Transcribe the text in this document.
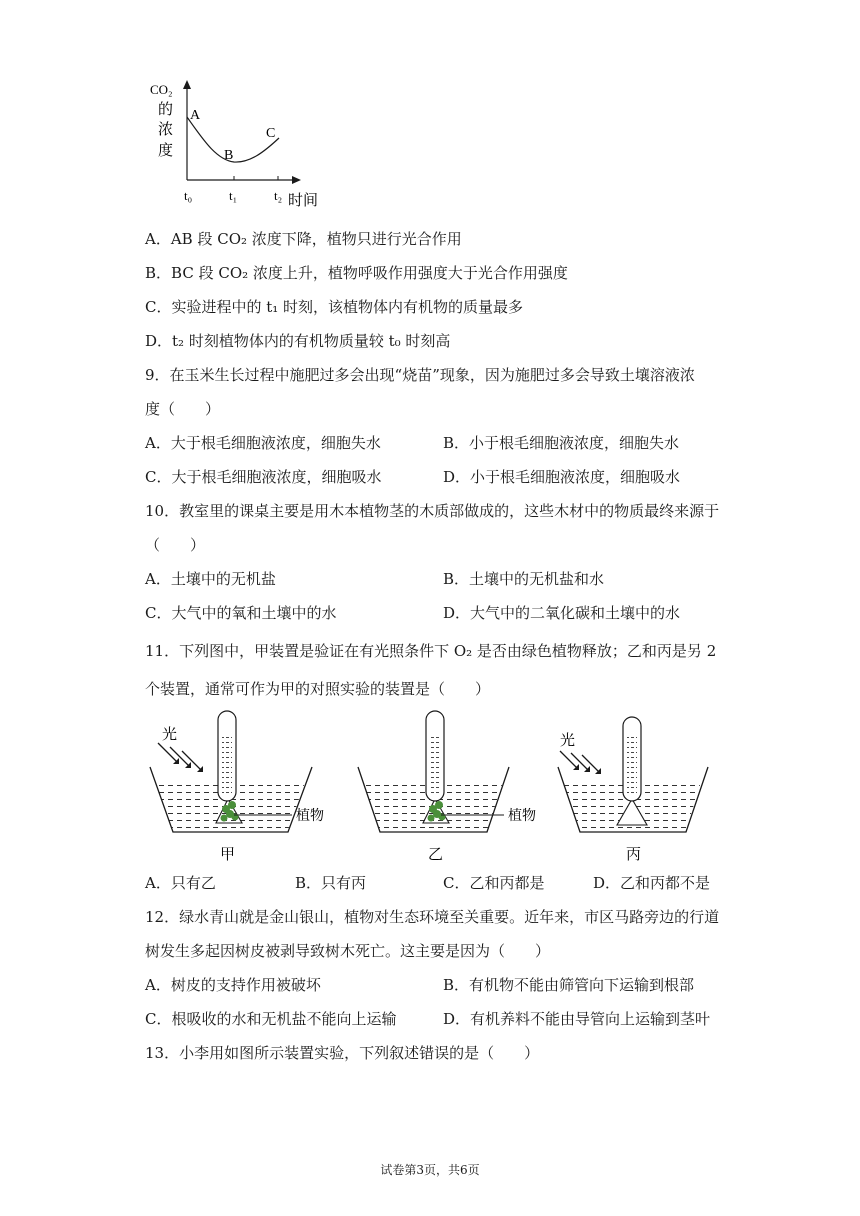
CO₂
的
浓
度
A
B
C
t₀	t₁	t₂ 时间
A．AB 段 CO₂ 浓度下降，植物只进行光合作用
B．BC 段 CO₂ 浓度上升，植物呼吸作用强度大于光合作用强度
C．实验进程中的 t₁ 时刻，该植物体内有机物的质量最多
D．t₂ 时刻植物体内的有机物质量较 t₀ 时刻高
9．在玉米生长过程中施肥过多会出现“烧苗”现象，因为施肥过多会导致土壤溶液浓
度（　　）
A．大于根毛细胞液浓度，细胞失水	B．小于根毛细胞液浓度，细胞失水
C．大于根毛细胞液浓度，细胞吸水	D．小于根毛细胞液浓度，细胞吸水
10．教室里的课桌主要是用木本植物茎的木质部做成的，这些木材中的物质最终来源于
（　　）
A．土壤中的无机盐	B．土壤中的无机盐和水
C．大气中的氧和土壤中的水	D．大气中的二氧化碳和土壤中的水
11．下列图中，甲装置是验证在有光照条件下 O₂ 是否由绿色植物释放；乙和丙是另 2
个装置，通常可作为甲的对照实验的装置是（　　）
光
植物
甲
植物
乙
光
丙
A．只有乙	B．只有丙	C．乙和丙都是	D．乙和丙都不是
12．绿水青山就是金山银山，植物对生态环境至关重要。近年来，市区马路旁边的行道
树发生多起因树皮被剥导致树木死亡。这主要是因为（　　）
A．树皮的支持作用被破坏	B．有机物不能由筛管向下运输到根部
C．根吸收的水和无机盐不能向上运输	D．有机养料不能由导管向上运输到茎叶
13．小李用如图所示装置实验，下列叙述错误的是（　　）
试卷第3页，共6页
